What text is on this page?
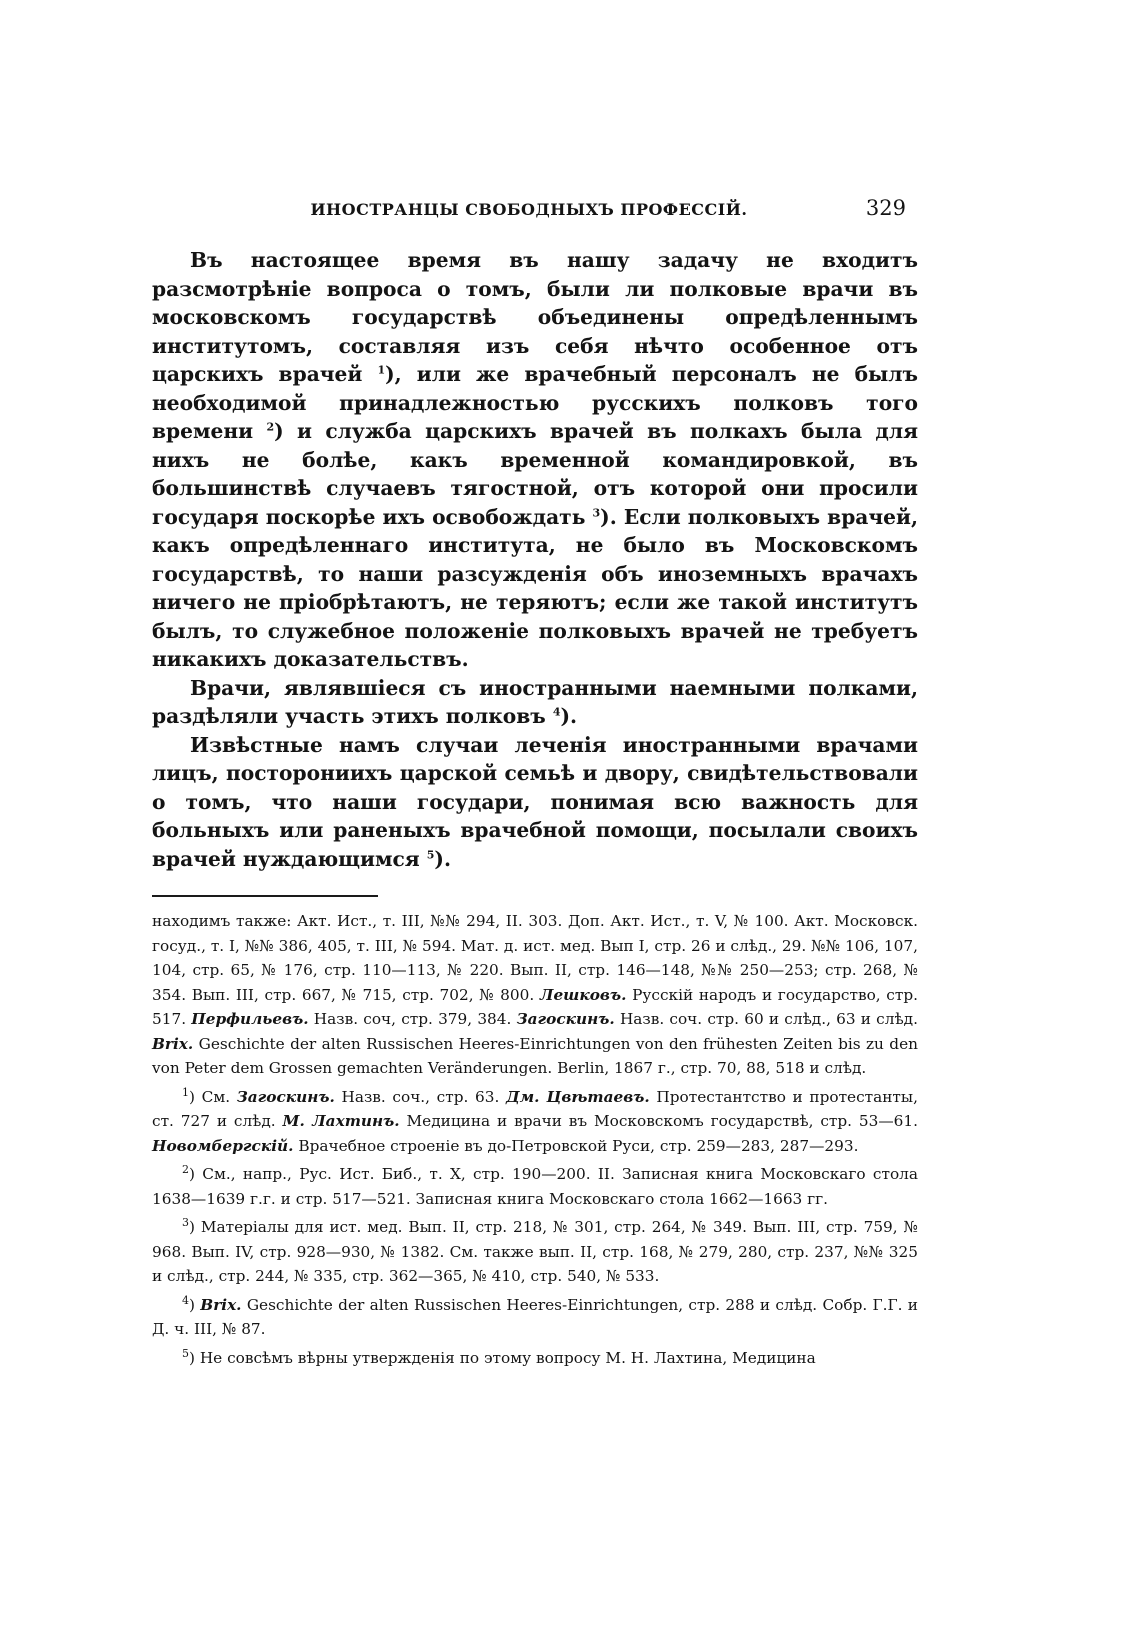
ИНОСТРАНЦЫ СВОБОДНЫХЪ ПРОФЕССІЙ.	329

Въ настоящее время въ нашу задачу не входитъ разсмотрѣніе вопроса о томъ, были ли полковые врачи въ московскомъ государствѣ объединены опредѣленнымъ институтомъ, составляя изъ себя нѣчто особенное отъ царскихъ врачей $^1$), или же врачебный персоналъ не былъ необходимой принадлежностью русскихъ полковъ того времени $^2$) и служба царскихъ врачей въ полкахъ была для нихъ не болѣе, какъ временной командировкой, въ большинствѣ случаевъ тягостной, отъ которой они просили государя поскорѣе ихъ освобождать $^3$). Если полковыхъ врачей, какъ опредѣленнаго института, не было въ Московскомъ государствѣ, то наши разсужденія объ иноземныхъ врачахъ ничего не пріобрѣтаютъ, не теряютъ; если же такой институтъ былъ, то служебное положеніе полковыхъ врачей не требуетъ никакихъ доказательствъ.

Врачи, являвшіеся съ иностранными наемными полками, раздѣляли участь этихъ полковъ $^4$).

Извѣстные намъ случаи леченія иностранными врачами лицъ, посторониихъ царской семьѣ и двору, свидѣтельствовали о томъ, что наши государи, понимая всю важность для больныхъ или раненыхъ врачебной помощи, посылали своихъ врачей нуждающимся $^5$).

находимъ также: Акт. Ист., т. III, №№ 294, II. 303. Доп. Акт. Ист., т. V, № 100. Акт. Московск. госуд., т. I, №№ 386, 405, т. III, № 594. Мат. д. ист. мед. Вып I, стр. 26 и слѣд., 29. №№ 106, 107, 104, стр. 65, № 176, стр. 110—113, № 220. Вып. II, стр. 146—148, №№ 250—253; стр. 268, № 354. Вып. III, стр. 667, № 715, стр. 702, № 800. Лешковъ. Русскій народъ и государство, стр. 517. Перфильевъ. Назв. соч, стр. 379, 384. Загоскинъ. Назв. соч. стр. 60 и слѣд., 63 и слѣд. Brix. Geschichte der alten Russischen Heeres-Einrichtungen von den frühesten Zeiten bis zu den von Peter dem Grossen gemachten Veränderungen. Berlin, 1867 г., стр. 70, 88, 518 и слѣд.

$^1$) См. Загоскинъ. Назв. соч., стр. 63. Дм. Цвѣтаевъ. Протестантство и протестанты, ст. 727 и слѣд. М. Лахтинъ. Медицина и врачи въ Московскомъ государствѣ, стр. 53—61. Новомбергскій. Врачебное строеніе въ до-Петровской Руси, стр. 259—283, 287—293.

$^2$) См., напр., Рус. Ист. Биб., т. X, стр. 190—200. II. Записная книга Московскаго стола 1638—1639 г.г. и стр. 517—521. Записная книга Московскаго стола 1662—1663 гг.

$^3$) Матеріалы для ист. мед. Вып. II, стр. 218, № 301, стр. 264, № 349. Вып. III, стр. 759, № 968. Вып. IV, стр. 928—930, № 1382. См. также вып. II, стр. 168, № 279, 280, стр. 237, №№ 325 и слѣд., стр. 244, № 335, стр. 362—365, № 410, стр. 540, № 533.

$^4$) Brix. Geschichte der alten Russischen Heeres-Einrichtungen, стр. 288 и слѣд. Собр. Г.Г. и Д. ч. III, № 87.

$^5$) Не совсѣмъ вѣрны утвержденія по этому вопросу М. Н. Лахтина, Медицина
